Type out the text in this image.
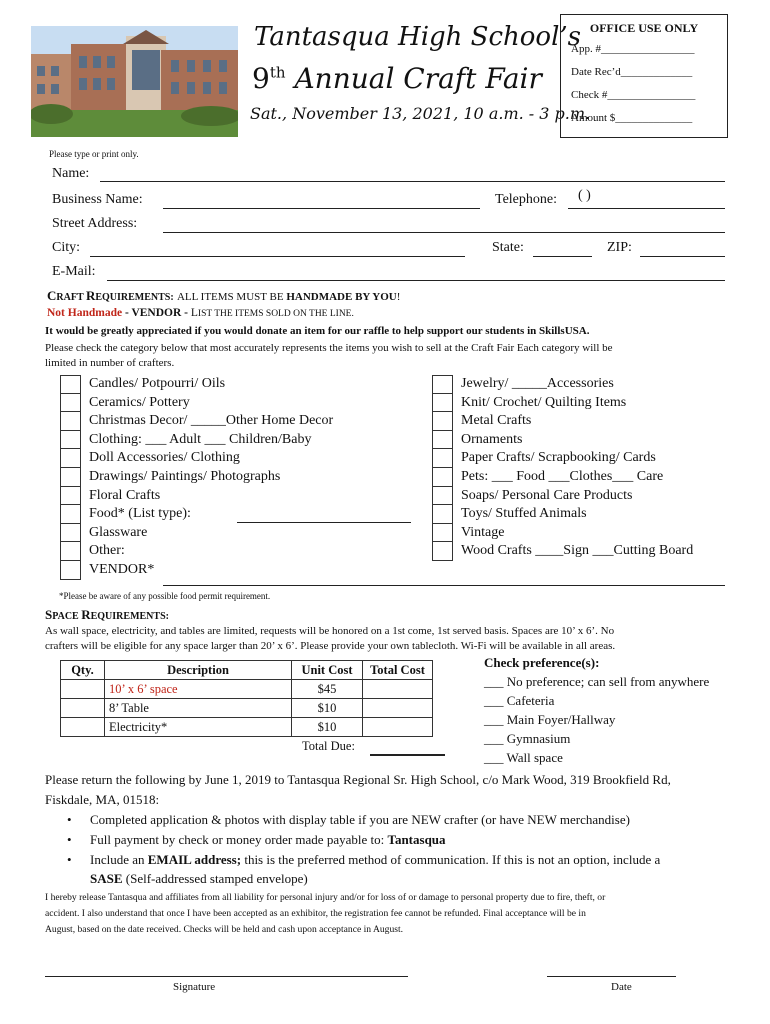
Tantasqua High School’s
9th Annual Craft Fair
Sat., November 13, 2021, 10 a.m. - 3 p.m.
OFFICE USE ONLY
App. #_________________
Date Rec’d_____________
Check #________________
Amount $______________
Please type or print only.
Name:
Business Name:	Telephone: ( )
Street Address:
City:	State:	ZIP:
E-Mail:
CRAFT REQUIREMENTS: ALL ITEMS MUST BE HANDMADE BY YOU!
Not Handmade - VENDOR - LIST THE ITEMS SOLD ON THE LINE.
It would be greatly appreciated if you would donate an item for our raffle to help support our students in SkillsUSA.
Please check the category below that most accurately represents the items you wish to sell at the Craft Fair Each category will be
limited in number of crafters.
Candles/ Potpourri/ Oils
Ceramics/ Pottery
Christmas Decor/ _____Other Home Decor
Clothing: ___ Adult ___ Children/Baby
Doll Accessories/ Clothing
Drawings/ Paintings/ Photographs
Floral Crafts
Food* (List type):
Glassware
Other:
VENDOR*
Jewelry/ _____Accessories
Knit/ Crochet/ Quilting Items
Metal Crafts
Ornaments
Paper Crafts/ Scrapbooking/ Cards
Pets: ___ Food ___Clothes___ Care
Soaps/ Personal Care Products
Toys/ Stuffed Animals
Vintage
Wood Crafts ____Sign ___Cutting Board
*Please be aware of any possible food permit requirement.
SPACE REQUIREMENTS:
As wall space, electricity, and tables are limited, requests will be honored on a 1st come, 1st served basis. Spaces are 10’ x 6’. No
crafters will be eligible for any space larger than 20’ x 6’. Please provide your own tablecloth. Wi-Fi will be available in all areas.
Qty.	Description	Unit Cost	Total Cost
	10’ x 6’ space	$45	
	8’ Table	$10	
	Electricity*	$10	
Total Due:
Check preference(s):
___ No preference; can sell from anywhere
___ Cafeteria
___ Main Foyer/Hallway
___ Gymnasium
___ Wall space
Please return the following by June 1, 2019 to Tantasqua Regional Sr. High School, c/o Mark Wood, 319 Brookfield Rd,
Fiskdale, MA, 01518:
• Completed application & photos with display table if you are NEW crafter (or have NEW merchandise)
• Full payment by check or money order made payable to: Tantasqua
• Include an EMAIL address; this is the preferred method of communication. If this is not an option, include a
SASE (Self-addressed stamped envelope)
I hereby release Tantasqua and affiliates from all liability for personal injury and/or for loss of or damage to personal property due to fire, theft, or
accident. I also understand that once I have been accepted as an exhibitor, the registration fee cannot be refunded. Final acceptance will be in
August, based on the date received. Checks will be held and cash upon acceptance in August.
Signature	Date
